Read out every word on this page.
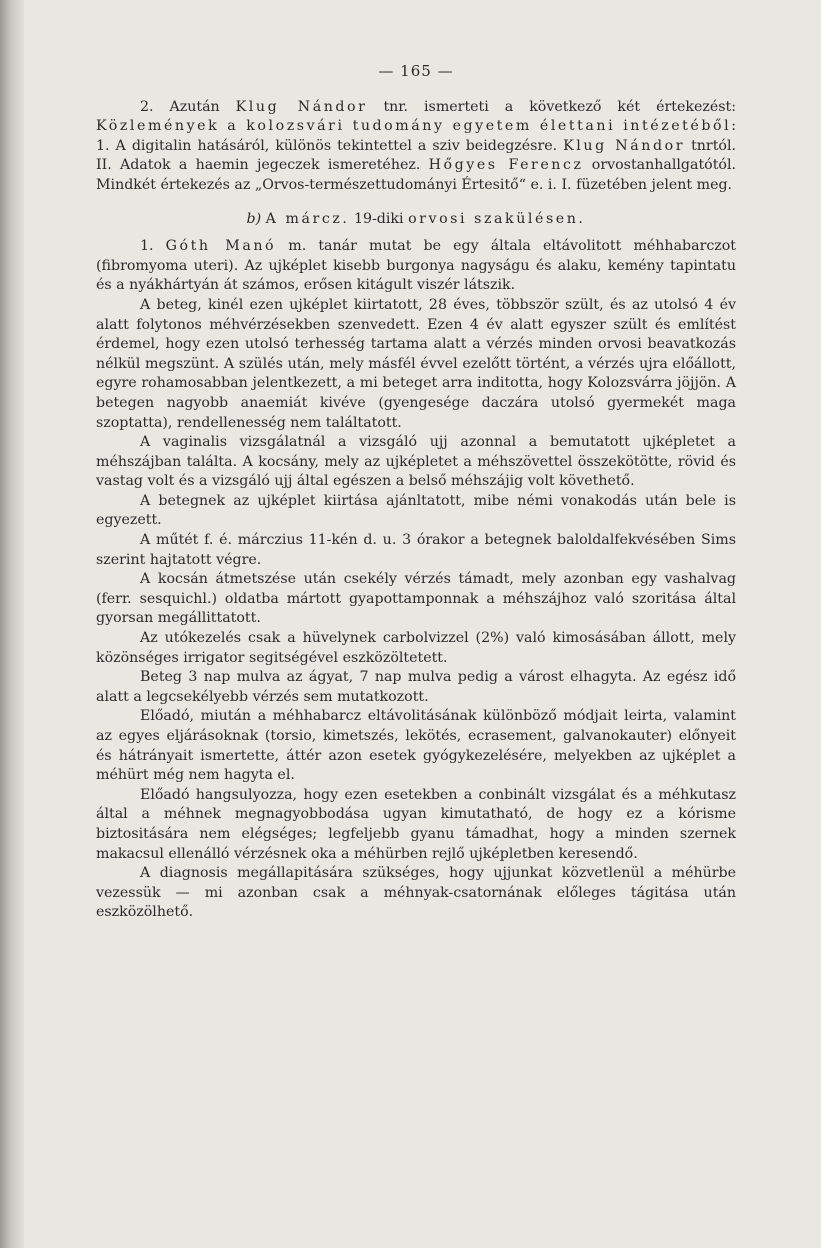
— 165 —

2. Azután Klug Nándor tnr. ismerteti a következő két értekezést: Közlemények a kolozsvári tudomány egyetem élettani intézetéből: 1. A digitalin hatásáról, különös tekintettel a sziv beidegzésre. Klug Nándor tnrtól. II. Adatok a haemin jegeczek ismeretéhez. Hőgyes Ferencz orvostanhallgatótól. Mindkét értekezés az „Orvos-természettudományi Értesitő“ e. i. I. füzetében jelent meg.

b) A márcz. 19-diki orvosi szakülésen.

1. Góth Manó m. tanár mutat be egy általa eltávolitott méhhabarczot (fibromyoma uteri). Az ujképlet kisebb burgonya nagyságu és alaku, kemény tapintatu és a nyákhártyán át számos, erősen kitágult viszér látszik.

A beteg, kinél ezen ujképlet kiirtatott, 28 éves, többször szült, és az utolsó 4 év alatt folytonos méhvérzésekben szenvedett. Ezen 4 év alatt egyszer szült és említést érdemel, hogy ezen utolsó terhesség tartama alatt a vérzés minden orvosi beavatkozás nélkül megszünt. A szülés után, mely másfél évvel ezelőtt történt, a vérzés ujra előállott, egyre rohamosabban jelentkezett, a mi beteget arra inditotta, hogy Kolozsvárra jöjjön. A betegen nagyobb anaemiát kivéve (gyengesége daczára utolsó gyermekét maga szoptatta), rendellenesség nem találtatott.

A vaginalis vizsgálatnál a vizsgáló ujj azonnal a bemutatott ujképletet a méhszájban találta. A kocsány, mely az ujképletet a méhszövettel összekötötte, rövid és vastag volt és a vizsgáló ujj által egészen a belső méhszájig volt követhető.

A betegnek az ujképlet kiirtása ajánltatott, mibe némi vonakodás után bele is egyezett.

A műtét f. é. márczius 11-kén d. u. 3 órakor a betegnek baloldalfekvésében Sims szerint hajtatott végre.

A kocsán átmetszése után csekély vérzés támadt, mely azonban egy vashalvag (ferr. sesquichl.) oldatba mártott gyapottamponnak a méhszájhoz való szoritása által gyorsan megállittatott.

Az utókezelés csak a hüvelynek carbolvizzel (2%) való kimosásában állott, mely közönséges irrigator segitségével eszközöltetett.

Beteg 3 nap mulva az ágyat, 7 nap mulva pedig a várost elhagyta. Az egész idő alatt a legcsekélyebb vérzés sem mutatkozott.

Előadó, miután a méhhabarcz eltávolitásának különböző módjait leirta, valamint az egyes eljárásoknak (torsio, kimetszés, lekötés, ecrasement, galvanokauter) előnyeit és hátrányait ismertette, áttér azon esetek gyógykezelésére, melyekben az ujképlet a méhürt még nem hagyta el.

Előadó hangsulyozza, hogy ezen esetekben a conbinált vizsgálat és a méhkutasz által a méhnek megnagyobbodása ugyan kimutatható, de hogy ez a kórisme biztositására nem elégséges; legfeljebb gyanu támadhat, hogy a minden szernek makacsul ellenálló vérzésnek oka a méhürben rejlő ujképletben keresendő.

A diagnosis megállapitására szükséges, hogy ujjunkat közvetlenül a méhürbe vezessük — mi azonban csak a méhnyak-csatornának előleges tágitása után eszközölhető.
